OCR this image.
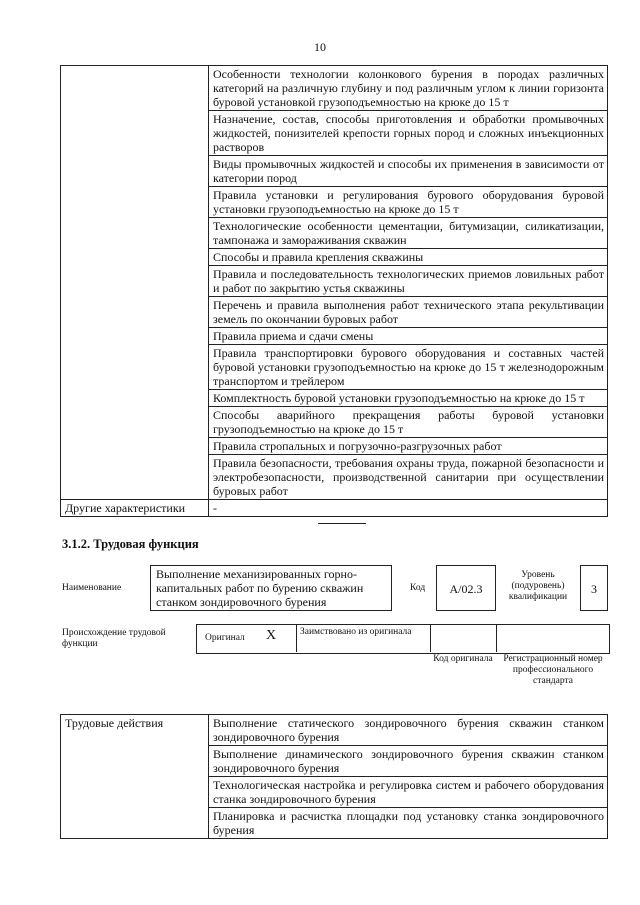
10
	Особенности технологии колонкового бурения в породах различных категорий на различную глубину и под различным углом к линии горизонта буровой установкой грузоподъемностью на крюке до 15 т
	Назначение, состав, способы приготовления и обработки промывочных жидкостей, понизителей крепости горных пород и сложных инъекционных растворов
	Виды промывочных жидкостей и способы их применения в зависимости от категории пород
	Правила установки и регулирования бурового оборудования буровой установки грузоподъемностью на крюке до 15 т
	Технологические особенности цементации, битумизации, силикатизации, тампонажа и замораживания скважин
	Способы и правила крепления скважины
	Правила и последовательность технологических приемов ловильных работ и работ по закрытию устья скважины
	Перечень и правила выполнения работ технического этапа рекультивации земель по окончании буровых работ
	Правила приема и сдачи смены
	Правила транспортировки бурового оборудования и составных частей буровой установки грузоподъемностью на крюке до 15 т железнодорожным транспортом и трейлером
	Комплектность буровой установки грузоподъемностью на крюке до 15 т
	Способы аварийного прекращения работы буровой установки грузоподъемностью на крюке до 15 т
	Правила стропальных и погрузочно-разгрузочных работ
	Правила безопасности, требования охраны труда, пожарной безопасности и электробезопасности, производственной санитарии при осуществлении буровых работ
Другие характеристики	-
3.1.2. Трудовая функция
Наименование
Выполнение механизированных горно-капитальных работ по бурению скважин станком зондировочного бурения
Код	A/02.3
Уровень (подуровень) квалификации
3
Происхождение трудовой функции
Оригинал X	Заимствовано из оригинала
Код оригинала	Регистрационный номер профессионального стандарта
Трудовые действия	Выполнение статического зондировочного бурения скважин станком зондировочного бурения
Выполнение динамического зондировочного бурения скважин станком зондировочного бурения
Технологическая настройка и регулировка систем и рабочего оборудования станка зондировочного бурения
Планировка и расчистка площадки под установку станка зондировочного бурения
